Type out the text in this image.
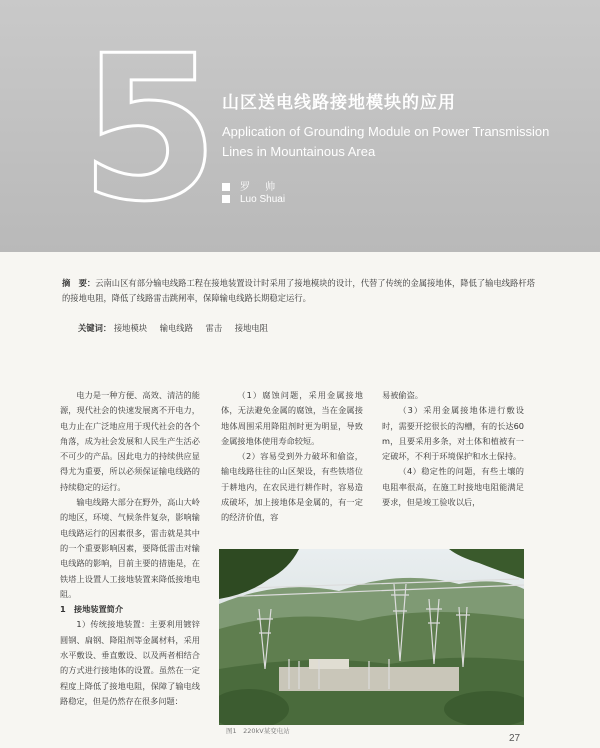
5 山区送电线路接地模块的应用
Application of Grounding Module on Power Transmission Lines in Mountainous Area
罗 帅
Luo Shuai
摘　要：云南山区有部分输电线路工程在接地装置设计时采用了接地模块的设计，代替了传统的金属接地体，降低了输电线路杆塔的接地电阻，降低了线路雷击跳闸率，保障输电线路长期稳定运行。
关键词： 接地模块 输电线路 雷击 接地电阻

电力是一种方便、高效、清洁的能源，现代社会的快速发展离不开电力，电力止在广泛地应用于现代社会的各个角落，成为社会发展和人民生产生活必不可少的产品。因此电力的持续供应显得尤为重要，所以必须保证输电线路的持续稳定的运行。

输电线路大部分在野外，高山大岭的地区，环境、气候条件复杂，影响输电线路运行的因素很多，雷击就是其中的一个重要影响因素，要降低雷击对输电线路的影响，目前主要的措施是，在铁塔上设置人工接地装置来降低接地电阻。

1　接地装置简介

1）传统接地装置：主要利用镀锌圆钢、扁钢、降阻剂等金属材料，采用水平敷设、垂直敷设、以及两者相结合的方式进行接地体的设置。虽然在一定程度上降低了接地电阻，保障了输电线路稳定，但是仍然存在很多问题：

（1）腐蚀问题，采用金属接地体，无法避免金属的腐蚀，当在金属接地体周围采用降阻剂时更为明显，导致金属接地体使用寿命较短。

（2）容易受到外力破坏和偷盗，输电线路往往的山区架设，有些铁塔位于耕地内，在农民进行耕作时，容易造成破坏，加上接地体是金属的，有一定的经济价值，容

易被偷盗。

（3）采用金属接地体进行敷设时，需要开挖很长的沟槽，有的长达60 m，且要采用多条，对土体和植被有一定破坏，不利于环境保护和水土保持。

（4）稳定性的问题，有些土壤的电阻率很高，在施工时接地电阻能满足要求，但是竣工验收以后，

图1　220kV某变电站
27
